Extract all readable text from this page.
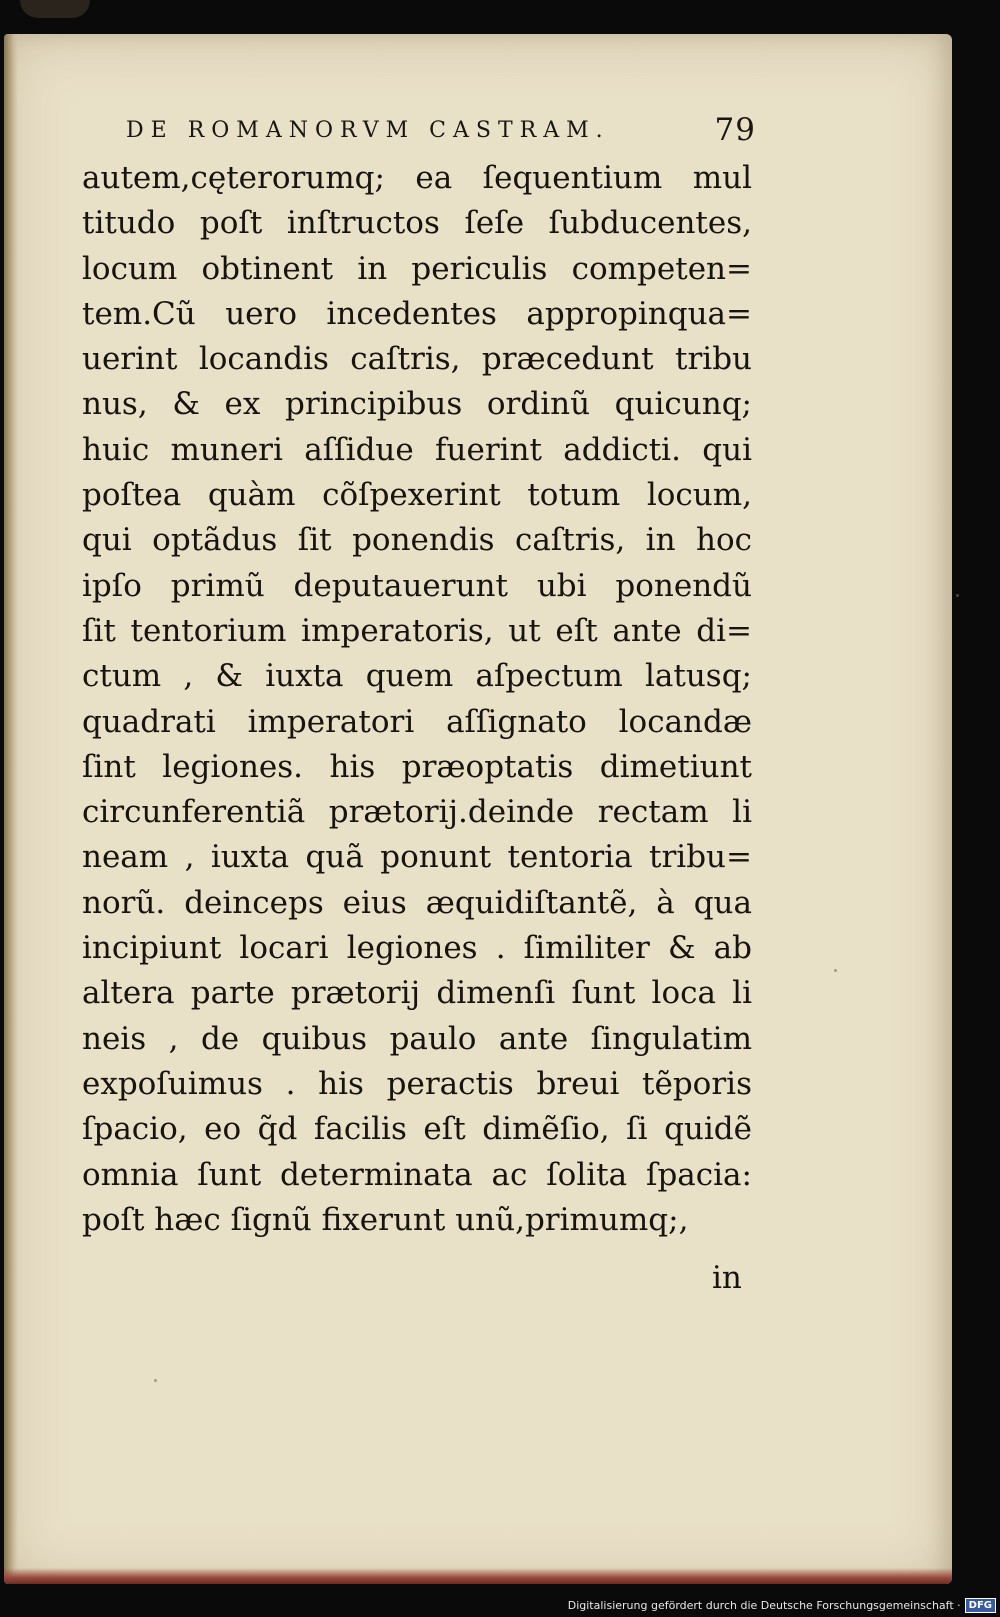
DE ROMANORVM CASTRAM.	79
autem,cęterorumq; ea ſequentium mul
titudo poſt inſtructos ſeſe ſubducentes,
locum obtinent in periculis competen=
tem.Cũ uero incedentes appropinqua=
uerint locandis caſtris, præcedunt tribu
nus, & ex principibus ordinũ quicunq;
huic muneri aſſidue fuerint addicti. qui
poſtea quàm cõſpexerint totum locum,
qui optãdus ſit ponendis caſtris, in hoc
ipſo primũ deputauerunt ubi ponendũ
ſit tentorium imperatoris, ut eſt ante di=
ctum , & iuxta quem aſpectum latusq;
quadrati imperatori aſſignato locandæ
ſint legiones. his præoptatis dimetiunt
circunferentiã prætorij.deinde rectam li
neam , iuxta quã ponunt tentoria tribu=
norũ. deinceps eius æquidiſtantẽ, à qua
incipiunt locari legiones . ſimiliter & ab
altera parte prætorij dimenſi ſunt loca li
neis , de quibus paulo ante ſingulatim
expoſuimus . his peractis breui tẽporis
ſpacio, eo q̃d facilis eſt dimẽſio, ſi quidẽ
omnia ſunt determinata ac ſolita ſpacia:
poſt hæc ſignũ fixerunt unũ,primumq;,
in
Digitalisierung gefördert durch die Deutsche Forschungsgemeinschaft · DFG
